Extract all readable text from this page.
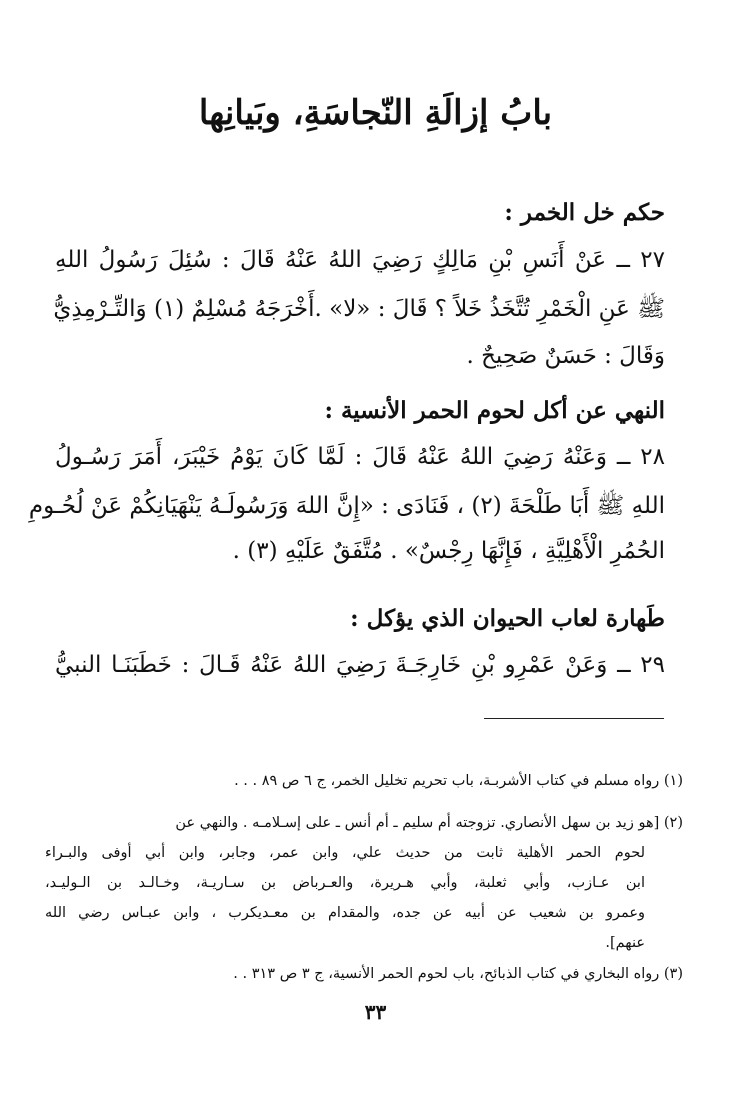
بابُ إزالَةِ النّجاسَةِ، وبَيانِها
حكم خل الخمر :
٢٧ ــ عَنْ أَنَسِ بْنِ مَالِكٍ رَضِيَ اللهُ عَنْهُ قَالَ : سُئِلَ رَسُولُ اللهِ
ﷺ عَنِ الْخَمْرِ تُتَّخَذُ خَلاً ؟ قَالَ : «لا» .أَخْرَجَهُ مُسْلِمٌ (١) وَالتِّـرْمِذِيُّ
وَقَالَ : حَسَنٌ صَحِيحٌ .
النهي عن أكل لحوم الحمر الأنسية :
٢٨ ــ وَعَنْهُ رَضِيَ اللهُ عَنْهُ قَالَ : لَمَّا كَانَ يَوْمُ خَيْبَرَ، أَمَرَ رَسُـولُ
اللهِ ﷺ أَبَا طَلْحَةَ (٢) ، فَنَادَى : «إِنَّ اللهَ وَرَسُولَـهُ يَنْهَيَانِكُمْ عَنْ لُحُـومِ
الحُمُرِ الْأَهْلِيَّةِ ، فَإِنَّهَا رِجْسٌ» . مُتَّفَقٌ عَلَيْهِ (٣) .
طَهارة لعاب الحيوان الذي يؤكل :
٢٩ ــ وَعَنْ عَمْرِو بْنِ خَارِجَـةَ رَضِيَ اللهُ عَنْهُ قَـالَ : خَطَبَنَـا النبيُّ
(١) رواه مسلم في كتاب الأشربـة، باب تحريم تخليل الخمر، ج ٦ ص ٨٩ . . .
(٢) [هو زيد بن سهل الأنصاري. تزوجته أم سليم ـ أم أنس ـ على إسـلامـه . والنهي عن
لحوم الحمر الأهلية ثابت من حديث علي، وابن عمر، وجابر، وابن أبي أوفى والبـراء
ابن عـازب، وأبي ثعلبة، وأبي هـريرة، والعـرباض بن سـاريـة، وخـالـد بن الـوليـد،
وعمرو بن شعيب عن أبيه عن جده، والمقدام بن معـديكرب ، وابن عبـاس رضي الله
عنهم].
(٣) رواه البخاري في كتاب الذبائح، باب لحوم الحمر الأنسية، ج ٣ ص ٣١٣ . .
٣٣
